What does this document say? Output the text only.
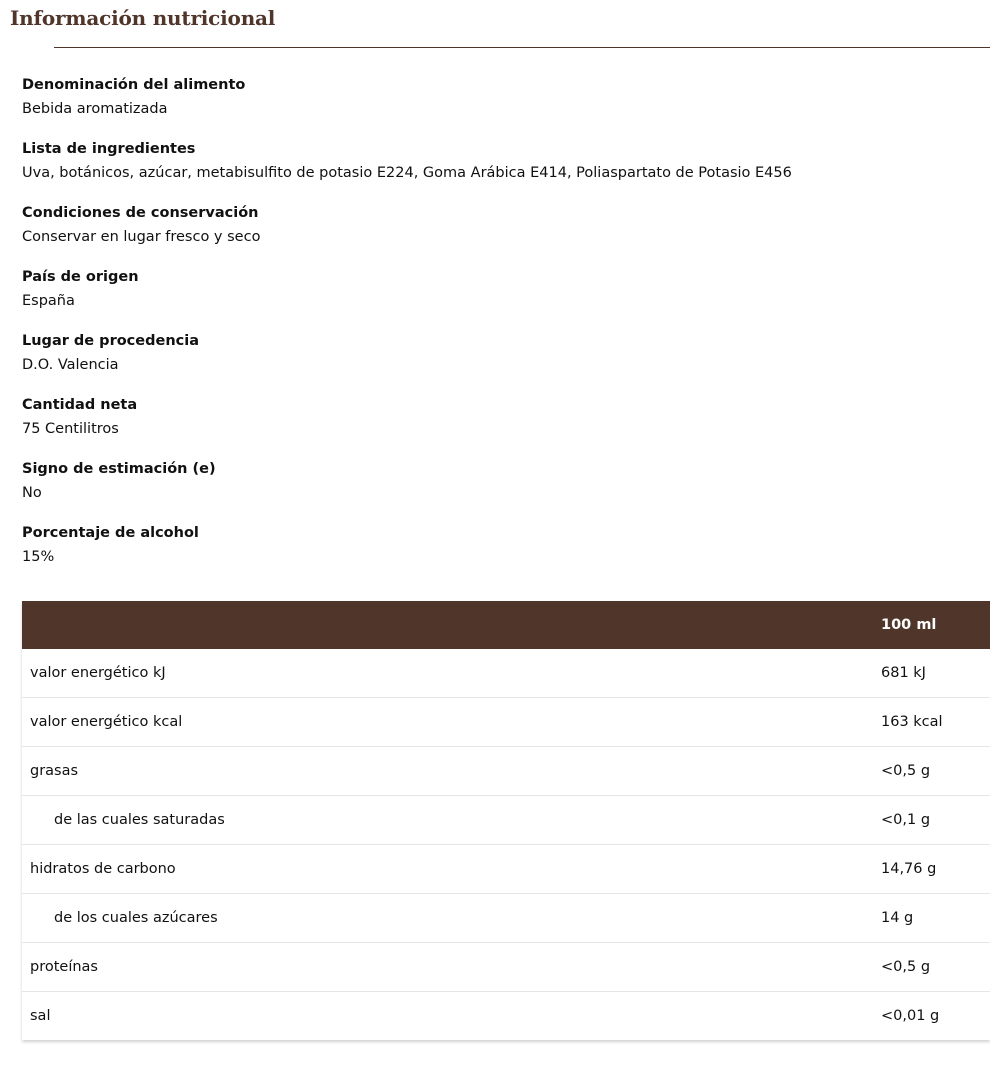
Información nutricional
Denominación del alimento
Bebida aromatizada
Lista de ingredientes
Uva, botánicos, azúcar, metabisulfito de potasio E224, Goma Arábica E414, Poliaspartato de Potasio E456
Condiciones de conservación
Conservar en lugar fresco y seco
País de origen
España
Lugar de procedencia
D.O. Valencia
Cantidad neta
75 Centilitros
Signo de estimación (e)
No
Porcentaje de alcohol
15%
100 ml
valor energético kJ	681 kJ
valor energético kcal	163 kcal
grasas	<0,5 g
de las cuales saturadas	<0,1 g
hidratos de carbono	14,76 g
de los cuales azúcares	14 g
proteínas	<0,5 g
sal	<0,01 g
